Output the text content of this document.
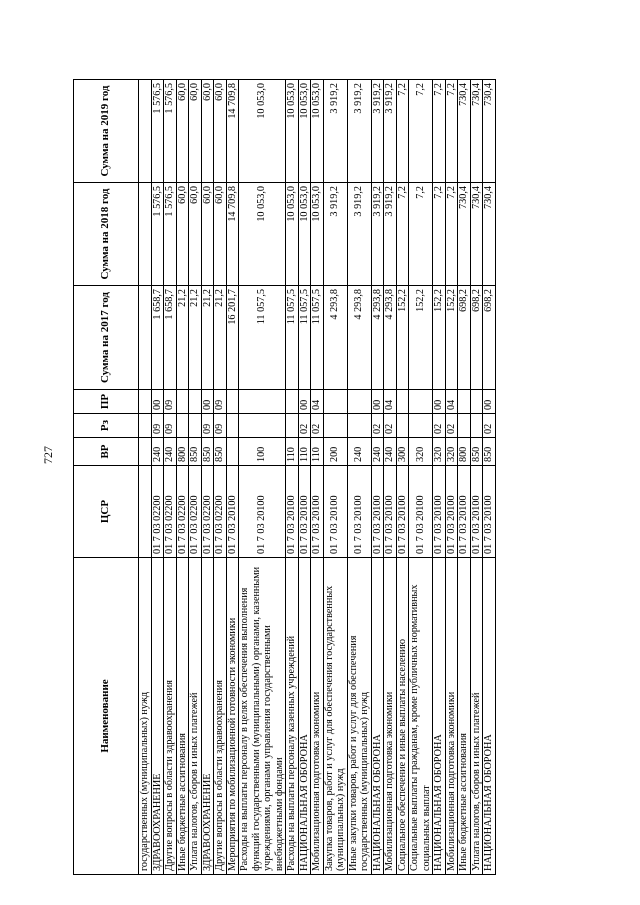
727
Наименование	ЦСР	ВР	Рз	ПР	Сумма на 2017 год	Сумма на 2018 год	Сумма на 2019 год
государственных (муниципальных) нужд							
ЗДРАВООХРАНЕНИЕ	01 7 03 02200	240	09	00	1 658,7	1 576,5	1 576,5
Другие вопросы в области здравоохранения	01 7 03 02200	240	09	09	1 658,7	1 576,5	1 576,5
Иные бюджетные ассигнования	01 7 03 02200	800			21,2	60,0	60,0
Уплата налогов, сборов и иных платежей	01 7 03 02200	850			21,2	60,0	60,0
ЗДРАВООХРАНЕНИЕ	01 7 03 02200	850	09	00	21,2	60,0	60,0
Другие вопросы в области здравоохранения	01 7 03 02200	850	09	09	21,2	60,0	60,0
Мероприятия по мобилизационной готовности экономики	01 7 03 20100				16 201,7	14 709,8	14 709,8
Расходы на выплаты персоналу в целях обеспечения выполнения функций государственными (муниципальными) органами, казенными учреждениями, органами управления государственными внебюджетными фондами	01 7 03 20100	100			11 057,5	10 053,0	10 053,0
Расходы на выплаты персоналу казенных учреждений	01 7 03 20100	110			11 057,5	10 053,0	10 053,0
НАЦИОНАЛЬНАЯ ОБОРОНА	01 7 03 20100	110	02	00	11 057,5	10 053,0	10 053,0
Мобилизационная подготовка экономики	01 7 03 20100	110	02	04	11 057,5	10 053,0	10 053,0
Закупка товаров, работ и услуг для обеспечения государственных (муниципальных) нужд	01 7 03 20100	200			4 293,8	3 919,2	3 919,2
Иные закупки товаров, работ и услуг для обеспечения государственных (муниципальных) нужд	01 7 03 20100	240			4 293,8	3 919,2	3 919,2
НАЦИОНАЛЬНАЯ ОБОРОНА	01 7 03 20100	240	02	00	4 293,8	3 919,2	3 919,2
Мобилизационная подготовка экономики	01 7 03 20100	240	02	04	4 293,8	3 919,2	3 919,2
Социальное обеспечение и иные выплаты населению	01 7 03 20100	300			152,2	7,2	7,2
Социальные выплаты гражданам, кроме публичных нормативных социальных выплат	01 7 03 20100	320			152,2	7,2	7,2
НАЦИОНАЛЬНАЯ ОБОРОНА	01 7 03 20100	320	02	00	152,2	7,2	7,2
Мобилизационная подготовка экономики	01 7 03 20100	320	02	04	152,2	7,2	7,2
Иные бюджетные ассигнования	01 7 03 20100	800			698,2	730,4	730,4
Уплата налогов, сборов и иных платежей	01 7 03 20100	850			698,2	730,4	730,4
НАЦИОНАЛЬНАЯ ОБОРОНА	01 7 03 20100	850	02	00	698,2	730,4	730,4
